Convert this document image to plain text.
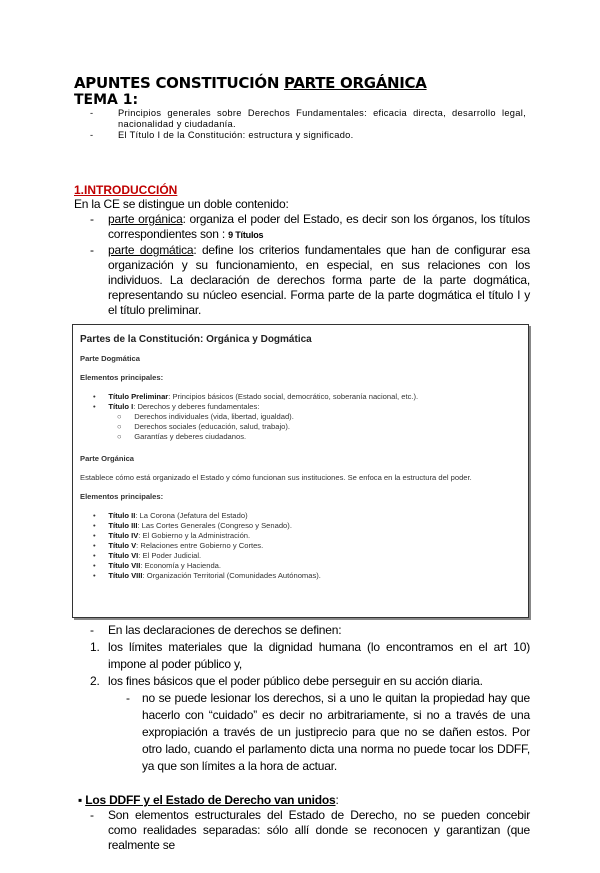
APUNTES CONSTITUCIÓN PARTE ORGÁNICA
TEMA 1:
-	Principios generales sobre Derechos Fundamentales: eficacia directa, desarrollo legal, nacionalidad y ciudadanía.
-	El Título I de la Constitución: estructura y significado.
1.INTRODUCCIÓN
En la CE se distingue un doble contenido:
- parte orgánica: organiza el poder del Estado, es decir son los órganos, los títulos correspondientes son : 9 Títulos
- parte dogmática: define los criterios fundamentales que han de configurar esa organización y su funcionamiento, en especial, en sus relaciones con los individuos. La declaración de derechos forma parte de la parte dogmática, representando su núcleo esencial. Forma parte de la parte dogmática el título I y el título preliminar.
Partes de la Constitución: Orgánica y Dogmática
Parte Dogmática
Elementos principales:
•      Título Preliminar: Principios básicos (Estado social, democrático, soberanía nacional, etc.).
•      Título I: Derechos y deberes fundamentales:
○      Derechos individuales (vida, libertad, igualdad).
○      Derechos sociales (educación, salud, trabajo).
○      Garantías y deberes ciudadanos.
Parte Orgánica
Establece cómo está organizado el Estado y cómo funcionan sus instituciones. Se enfoca en la estructura del poder.
Elementos principales:
•      Título II: La Corona (Jefatura del Estado)
•      Título III: Las Cortes Generales (Congreso y Senado).
•      Título IV: El Gobierno y la Administración.
•      Título V: Relaciones entre Gobierno y Cortes.
•      Título VI: El Poder Judicial.
•      Título VII: Economía y Hacienda.
•      Título VIII: Organización Territorial (Comunidades Autónomas).
- En las declaraciones de derechos se definen:
1. los límites materiales que la dignidad humana (lo encontramos en el art 10) impone al poder público y,
2. los fines básicos que el poder público debe perseguir en su acción diaria.
- no se puede lesionar los derechos, si a uno le quitan la propiedad hay que hacerlo con “cuidado” es decir no arbitrariamente, si no a través de una expropiación a través de un justiprecio para que no se dañen estos. Por otro lado, cuando el parlamento dicta una norma no puede tocar los DDFF, ya que son límites a la hora de actuar.
▪ Los DDFF y el Estado de Derecho van unidos:
- Son elementos estructurales del Estado de Derecho, no se pueden concebir como realidades separadas: sólo allí donde se reconocen y garantizan (que realmente se
